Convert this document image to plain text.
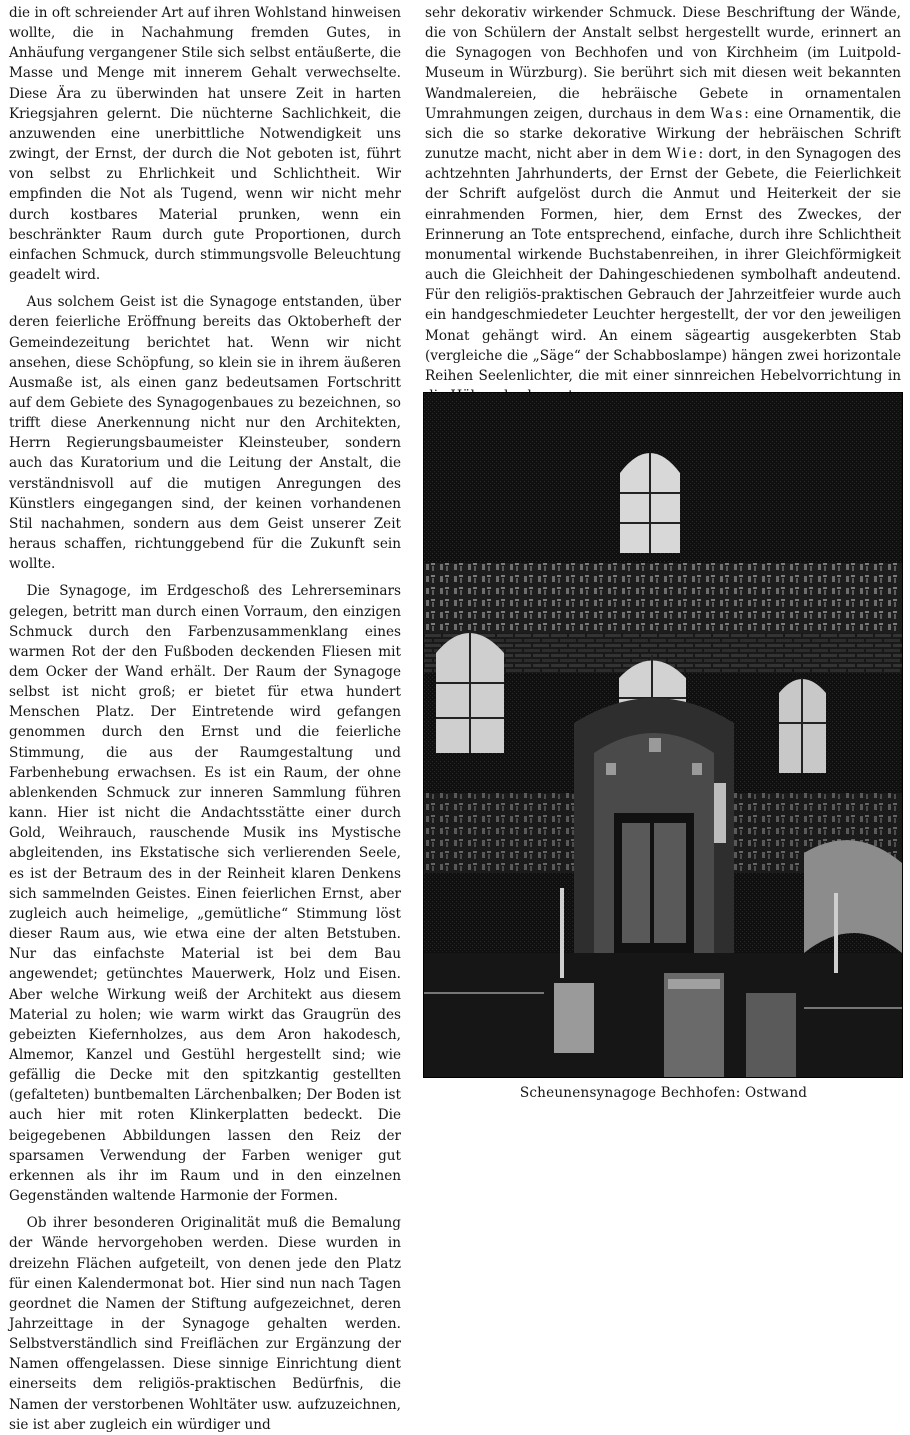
die in oft schreiender Art auf ihren Wohlstand hinweisen wollte, die in Nachahmung fremden Gutes, in Anhäufung vergangener Stile sich selbst entäußerte, die Masse und Menge mit innerem Gehalt verwechselte. Diese Ära zu überwinden hat unsere Zeit in harten Kriegsjahren gelernt. Die nüchterne Sachlichkeit, die anzuwenden eine unerbittliche Notwendigkeit uns zwingt, der Ernst, der durch die Not geboten ist, führt von selbst zu Ehrlichkeit und Schlichtheit. Wir empfinden die Not als Tugend, wenn wir nicht mehr durch kostbares Material prunken, wenn ein beschränkter Raum durch gute Proportionen, durch einfachen Schmuck, durch stimmungsvolle Beleuchtung geadelt wird.

Aus solchem Geist ist die Synagoge entstanden, über deren feierliche Eröffnung bereits das Oktoberheft der Gemeindezeitung berichtet hat. Wenn wir nicht ansehen, diese Schöpfung, so klein sie in ihrem äußeren Ausmaße ist, als einen ganz bedeutsamen Fortschritt auf dem Gebiete des Synagogenbaues zu bezeichnen, so trifft diese Anerkennung nicht nur den Architekten, Herrn Regierungsbaumeister Kleinsteuber, sondern auch das Kuratorium und die Leitung der Anstalt, die verständnisvoll auf die mutigen Anregungen des Künstlers eingegangen sind, der keinen vorhandenen Stil nachahmen, sondern aus dem Geist unserer Zeit heraus schaffen, richtunggebend für die Zukunft sein wollte.

Die Synagoge, im Erdgeschoß des Lehrerseminars gelegen, betritt man durch einen Vorraum, den einzigen Schmuck durch den Farbenzusammenklang eines warmen Rot der den Fußboden deckenden Fliesen mit dem Ocker der Wand erhält. Der Raum der Synagoge selbst ist nicht groß; er bietet für etwa hundert Menschen Platz. Der Eintretende wird gefangen genommen durch den Ernst und die feierliche Stimmung, die aus der Raumgestaltung und Farbenhebung erwachsen. Es ist ein Raum, der ohne ablenkenden Schmuck zur inneren Sammlung führen kann. Hier ist nicht die Andachtsstätte einer durch Gold, Weihrauch, rauschende Musik ins Mystische abgleitenden, ins Ekstatische sich verlierenden Seele, es ist der Betraum des in der Reinheit klaren Denkens sich sammelnden Geistes. Einen feierlichen Ernst, aber zugleich auch heimelige, „gemütliche“ Stimmung löst dieser Raum aus, wie etwa eine der alten Betstuben. Nur das einfachste Material ist bei dem Bau angewendet; getünchtes Mauerwerk, Holz und Eisen. Aber welche Wirkung weiß der Architekt aus diesem Material zu holen; wie warm wirkt das Graugrün des gebeizten Kiefernholzes, aus dem Aron hakodesch, Almemor, Kanzel und Gestühl hergestellt sind; wie gefällig die Decke mit den spitzkantig gestellten (gefalteten) buntbemalten Lärchenbalken; Der Boden ist auch hier mit roten Klinkerplatten bedeckt. Die beigegebenen Abbildungen lassen den Reiz der sparsamen Verwendung der Farben weniger gut erkennen als ihr im Raum und in den einzelnen Gegenständen waltende Harmonie der Formen.

Ob ihrer besonderen Originalität muß die Bemalung der Wände hervorgehoben werden. Diese wurden in dreizehn Flächen aufgeteilt, von denen jede den Platz für einen Kalendermonat bot. Hier sind nun nach Tagen geordnet die Namen der Stiftung aufgezeichnet, deren Jahrzeittage in der Synagoge gehalten werden. Selbstverständlich sind Freiflächen zur Ergänzung der Namen offengelassen. Diese sinnige Einrichtung dient einerseits dem religiös-praktischen Bedürfnis, die Namen der verstorbenen Wohltäter usw. aufzuzeichnen, sie ist aber zugleich ein würdiger und

sehr dekorativ wirkender Schmuck. Diese Beschriftung der Wände, die von Schülern der Anstalt selbst hergestellt wurde, erinnert an die Synagogen von Bechhofen und von Kirchheim (im Luitpold-Museum in Würzburg). Sie berührt sich mit diesen weit bekannten Wandmalereien, die hebräische Gebete in ornamentalen Umrahmungen zeigen, durchaus in dem Was: eine Ornamentik, die sich die so starke dekorative Wirkung der hebräischen Schrift zunutze macht, nicht aber in dem Wie: dort, in den Synagogen des achtzehnten Jahrhunderts, der Ernst der Gebete, die Feierlichkeit der Schrift aufgelöst durch die Anmut und Heiterkeit der sie einrahmenden Formen, hier, dem Ernst des Zweckes, der Erinnerung an Tote entsprechend, einfache, durch ihre Schlichtheit monumental wirkende Buchstabenreihen, in ihrer Gleichförmigkeit auch die Gleichheit der Dahingeschiedenen symbolhaft andeutend. Für den religiös-praktischen Gebrauch der Jahrzeitfeier wurde auch ein handgeschmiedeter Leuchter hergestellt, der vor den jeweiligen Monat gehängt wird. An einem sägeartig ausgekerbten Stab (vergleiche die „Säge“ der Schabboslampe) hängen zwei horizontale Reihen Seelenlichter, die mit einer sinnreichen Hebelvorrichtung in

Scheunensynagoge Bechhofen: Ostwand
